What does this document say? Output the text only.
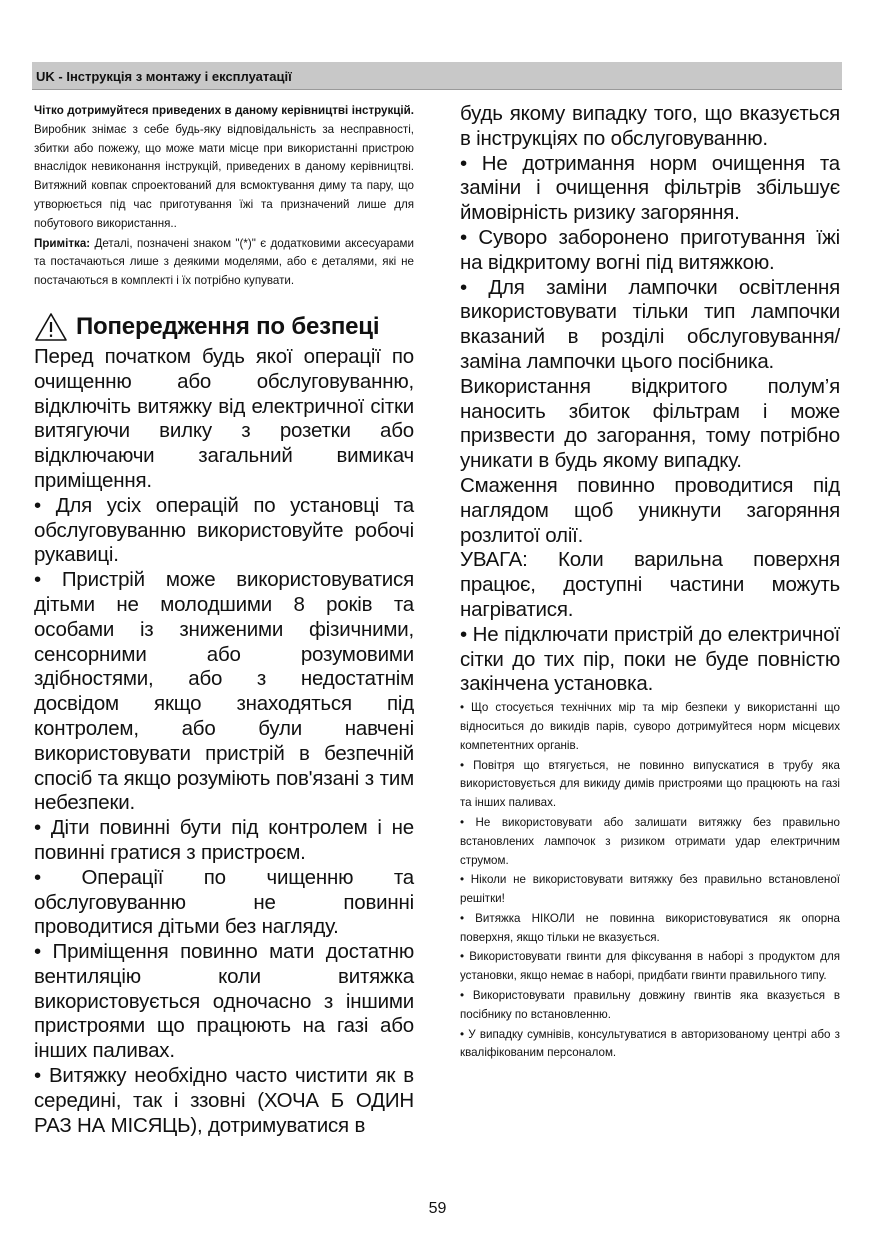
UK - Інструкція з монтажу і експлуатації

Чітко дотримуйтеся приведених в даному керівництві інструкцій. Виробник знімає з себе будь-яку відповідальність за несправності, збитки або пожежу, що може мати місце при використанні пристрою внаслідок невиконання інструкцій, приведених в даному керівництві. Витяжний ковпак спроектований для всмоктування диму та пару, що утворюється під час приготування їжі та призначений лише для побутового використання..

Примітка: Деталі, позначені знаком "(*)" є додатковими аксесуарами та постачаються лише з деякими моделями, або є деталями, які не постачаються в комплекті і їх потрібно купувати.

Попередження по безпеці

Перед початком будь якої операції по очищенню або обслуговуванню, відключіть витяжку від електричної сітки витягуючи вилку з розетки або відключаючи загальний вимикач приміщення.

• Для усіх операцій по установці та обслуговуванню використовуйте робочі рукавиці.

• Пристрій може використовуватися дітьми не молодшими 8 років та особами із зниженими фізичними, сенсорними або розумовими здібностями, або з недостатнім досвідом якщо знаходяться під контролем, або були навчені використовувати пристрій в безпечній спосіб та якщо розуміють пов'язані з тим небезпеки.

• Діти повинні бути під контролем і не повинні гратися з пристроєм.

• Операції по чищенню та обслуговуванню не повинні проводитися дітьми без нагляду.

• Приміщення повинно мати достатню вентиляцію коли витяжка використовується одночасно з іншими пристроями що працюють на газі або інших паливах.

• Витяжку необхідно часто чистити як в середині, так і ззовні (ХОЧА Б ОДИН РАЗ НА МІСЯЦЬ), дотримуватися в

будь якому випадку того, що вказується в інструкціях по обслуговуванню.

• Не дотримання норм очищення та заміни і очищення фільтрів збільшує ймовірність ризику загоряння.

• Суворо заборонено приготування їжі на відкритому вогні під витяжкою.

• Для заміни лампочки освітлення використовувати тільки тип лампочки вказаний в розділі обслуговування/заміна лампочки цього посібника.

Використання відкритого полум’я наносить збиток фільтрам і може призвести до загорання, тому потрібно уникати в будь якому випадку.

Смаження повинно проводитися під наглядом щоб уникнути загоряння розлитої олії.

УВАГА: Коли варильна поверхня працює, доступні частини можуть нагріватися.

• Не підключати пристрій до електричної сітки до тих пір, поки не буде повністю закінчена установка.

• Що стосується технічних мір та мір безпеки у використанні що відноситься до викидів парів, суворо дотримуйтеся норм місцевих компетентних органів.

• Повітря що втягується, не повинно випускатися в трубу яка використовується для викиду димів пристроями що працюють на газі та інших паливах.

• Не використовувати або залишати витяжку без правильно встановлених лампочок з ризиком отримати удар електричним струмом.

• Ніколи не використовувати витяжку без правильно встановленої решітки!

• Витяжка НІКОЛИ не повинна використовуватися як опорна поверхня, якщо тільки не вказується.

• Використовувати гвинти для фіксування в наборі з продуктом для установки, якщо немає в наборі, придбати гвинти правильного типу.

• Використовувати правильну довжину гвинтів яка вказується в посібнику по встановленню.

• У випадку сумнівів, консультуватися в авторизованому центрі або з кваліфікованим персоналом.

59
